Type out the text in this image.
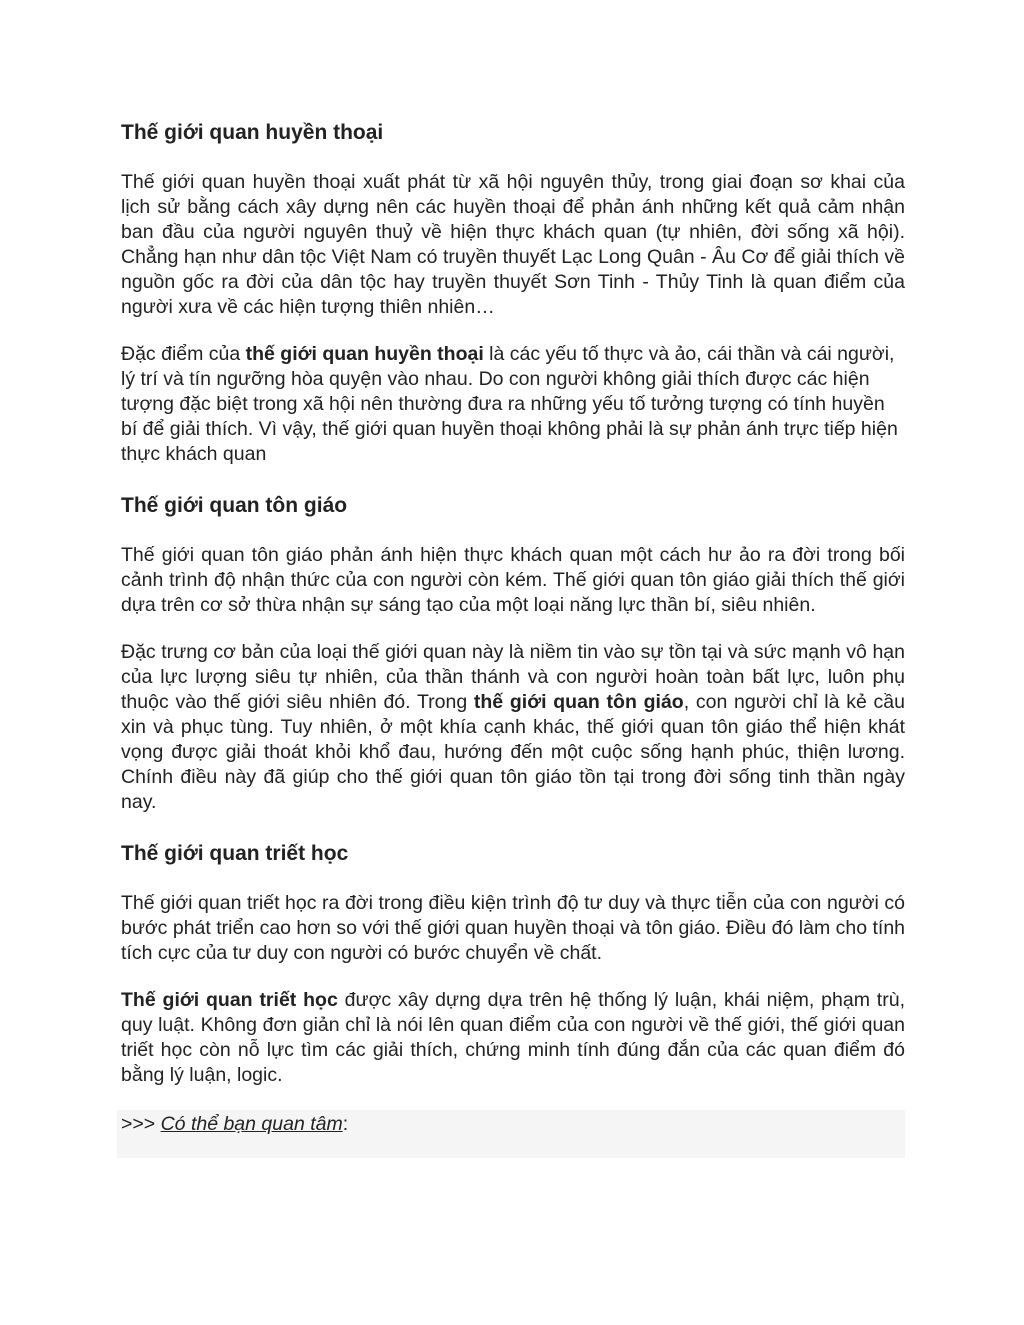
Thế giới quan huyền thoại

Thế giới quan huyền thoại xuất phát từ xã hội nguyên thủy, trong giai đoạn sơ khai của lịch sử bằng cách xây dựng nên các huyền thoại để phản ánh những kết quả cảm nhận ban đầu của người nguyên thuỷ về hiện thực khách quan (tự nhiên, đời sống xã hội). Chẳng hạn như dân tộc Việt Nam có truyền thuyết Lạc Long Quân - Âu Cơ để giải thích về nguồn gốc ra đời của dân tộc hay truyền thuyết Sơn Tinh - Thủy Tinh là quan điểm của người xưa về các hiện tượng thiên nhiên…

Đặc điểm của thế giới quan huyền thoại là các yếu tố thực và ảo, cái thần và cái người, lý trí và tín ngưỡng hòa quyện vào nhau. Do con người không giải thích được các hiện tượng đặc biệt trong xã hội nên thường đưa ra những yếu tố tưởng tượng có tính huyền bí để giải thích. Vì vậy, thế giới quan huyền thoại không phải là sự phản ánh trực tiếp hiện thực khách quan

Thế giới quan tôn giáo

Thế giới quan tôn giáo phản ánh hiện thực khách quan một cách hư ảo ra đời trong bối cảnh trình độ nhận thức của con người còn kém. Thế giới quan tôn giáo giải thích thế giới dựa trên cơ sở thừa nhận sự sáng tạo của một loại năng lực thần bí, siêu nhiên.

Đặc trưng cơ bản của loại thế giới quan này là niềm tin vào sự tồn tại và sức mạnh vô hạn của lực lượng siêu tự nhiên, của thần thánh và con người hoàn toàn bất lực, luôn phụ thuộc vào thế giới siêu nhiên đó. Trong thế giới quan tôn giáo, con người chỉ là kẻ cầu xin và phục tùng. Tuy nhiên, ở một khía cạnh khác, thế giới quan tôn giáo thể hiện khát vọng được giải thoát khỏi khổ đau, hướng đến một cuộc sống hạnh phúc, thiện lương. Chính điều này đã giúp cho thế giới quan tôn giáo tồn tại trong đời sống tinh thần ngày nay.

Thế giới quan triết học

Thế giới quan triết học ra đời trong điều kiện trình độ tư duy và thực tiễn của con người có bước phát triển cao hơn so với thế giới quan huyền thoại và tôn giáo. Điều đó làm cho tính tích cực của tư duy con người có bước chuyển về chất.

Thế giới quan triết học được xây dựng dựa trên hệ thống lý luận, khái niệm, phạm trù, quy luật. Không đơn giản chỉ là nói lên quan điểm của con người về thế giới, thế giới quan triết học còn nỗ lực tìm các giải thích, chứng minh tính đúng đắn của các quan điểm đó bằng lý luận, logic.

>>> Có thể bạn quan tâm:
